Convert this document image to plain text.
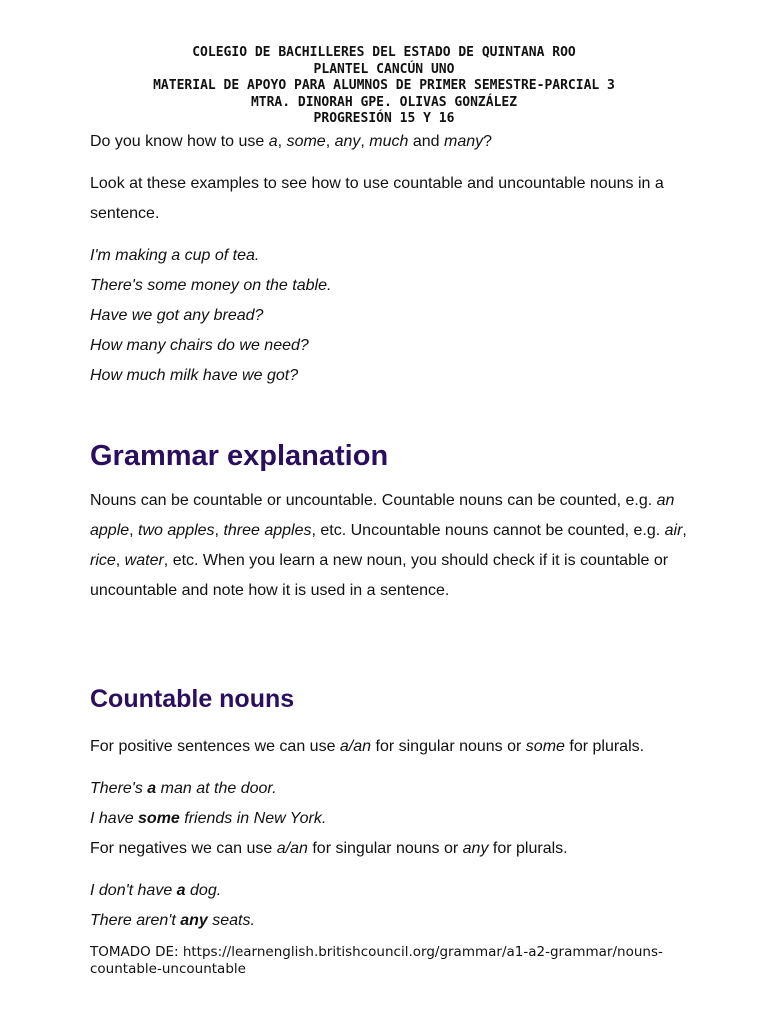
COLEGIO DE BACHILLERES DEL ESTADO DE QUINTANA ROO
PLANTEL CANCÚN UNO
MATERIAL DE APOYO PARA ALUMNOS DE PRIMER SEMESTRE-PARCIAL 3
MTRA. DINORAH GPE. OLIVAS GONZÁLEZ
PROGRESIÓN 15 Y 16

Do you know how to use a, some, any, much and many?

Look at these examples to see how to use countable and uncountable nouns in a sentence.

I'm making a cup of tea.

There's some money on the table.

Have we got any bread?

How many chairs do we need?

How much milk have we got?

Grammar explanation

Nouns can be countable or uncountable. Countable nouns can be counted, e.g. an apple, two apples, three apples, etc. Uncountable nouns cannot be counted, e.g. air, rice, water, etc. When you learn a new noun, you should check if it is countable or uncountable and note how it is used in a sentence.

Countable nouns

For positive sentences we can use a/an for singular nouns or some for plurals.

There's a man at the door.

I have some friends in New York.

For negatives we can use a/an for singular nouns or any for plurals.

I don't have a dog.

There aren't any seats.

TOMADO DE: https://learnenglish.britishcouncil.org/grammar/a1-a2-grammar/nouns-countable-uncountable
